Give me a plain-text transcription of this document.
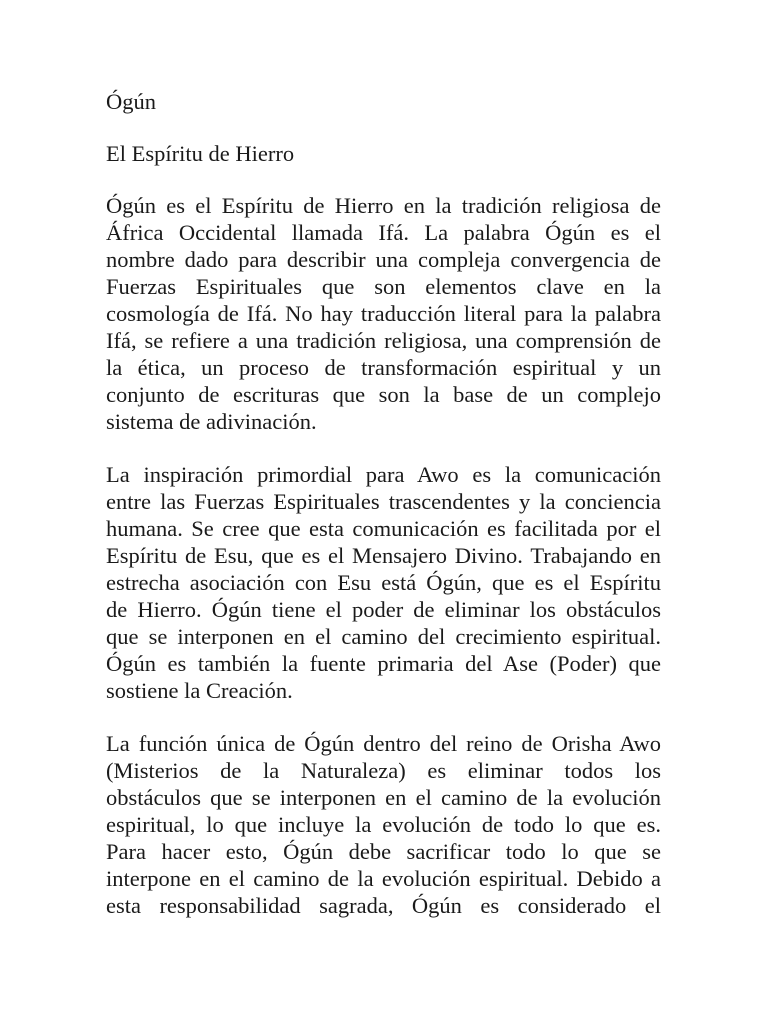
Ógún

El Espíritu de Hierro

Ógún es el Espíritu de Hierro en la tradición religiosa de
África Occidental llamada Ifá. La palabra Ógún es el
nombre dado para describir una compleja convergencia de
Fuerzas Espirituales que son elementos clave en la
cosmología de Ifá. No hay traducción literal para la palabra
Ifá, se refiere a una tradición religiosa, una comprensión de
la ética, un proceso de transformación espiritual y un
conjunto de escrituras que son la base de un complejo
sistema de adivinación.
La inspiración primordial para Awo es la comunicación
entre las Fuerzas Espirituales trascendentes y la conciencia
humana. Se cree que esta comunicación es facilitada por el
Espíritu de Esu, que es el Mensajero Divino. Trabajando en
estrecha asociación con Esu está Ógún, que es el Espíritu
de Hierro. Ógún tiene el poder de eliminar los obstáculos
que se interponen en el camino del crecimiento espiritual.
Ógún es también la fuente primaria del Ase (Poder) que
sostiene la Creación.
La función única de Ógún dentro del reino de Orisha Awo
(Misterios de la Naturaleza) es eliminar todos los
obstáculos que se interponen en el camino de la evolución
espiritual, lo que incluye la evolución de todo lo que es.
Para hacer esto, Ógún debe sacrificar todo lo que se
interpone en el camino de la evolución espiritual. Debido a
esta responsabilidad sagrada, Ógún es considerado el
